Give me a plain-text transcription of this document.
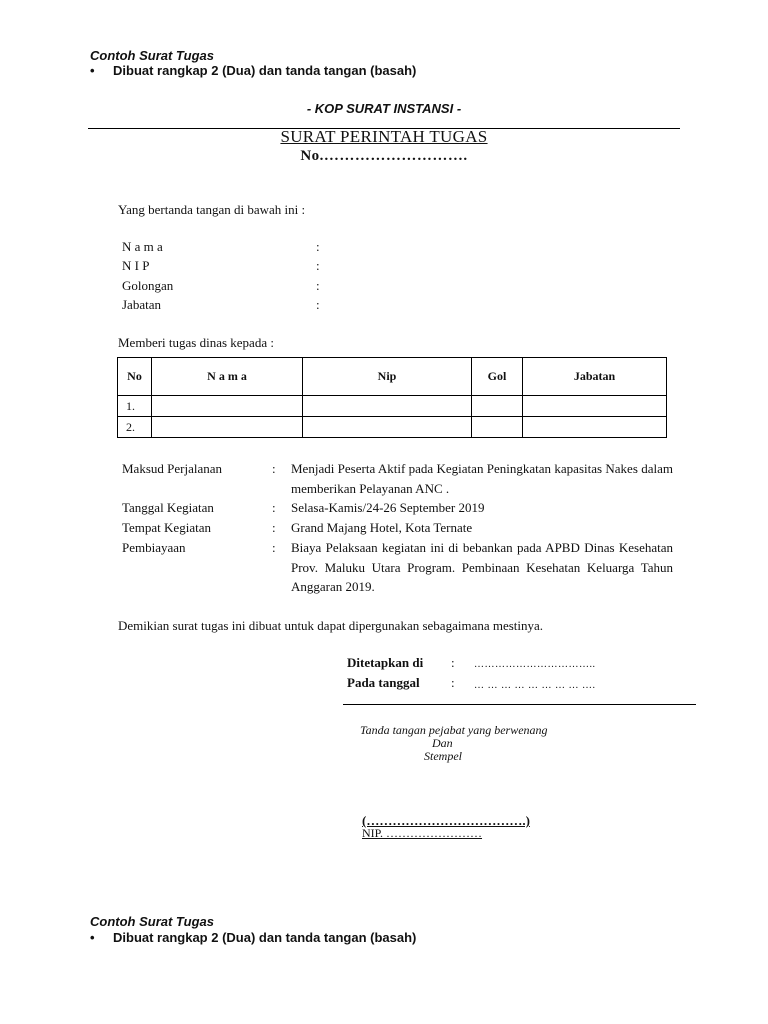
Contoh Surat Tugas
• Dibuat rangkap 2 (Dua) dan tanda tangan (basah)
- KOP SURAT INSTANSI -
SURAT PERINTAH TUGAS
No.……………………….
Yang bertanda tangan di bawah ini :
N a m a	:
N I P	:
Golongan	:
Jabatan	:
Memberi tugas dinas kepada :
No	N a m a	Nip	Gol	Jabatan
1.				
2.				
Maksud Perjalanan	: Menjadi Peserta Aktif pada Kegiatan Peningkatan kapasitas Nakes dalam memberikan Pelayanan ANC .
Tanggal Kegiatan	: Selasa-Kamis/24-26 September 2019
Tempat Kegiatan	: Grand Majang Hotel, Kota Ternate
Pembiayaan	: Biaya Pelaksaan kegiatan ini di bebankan pada APBD Dinas Kesehatan Prov. Maluku Utara Program. Pembinaan Kesehatan Keluarga Tahun Anggaran 2019.
Demikian surat tugas ini dibuat untuk dapat dipergunakan sebagaimana mestinya.
Ditetapkan di : ……………………………..
Pada tanggal : … … … … … … … … ….
Tanda tangan pejabat yang berwenang
Dan
Stempel
(……………………………….)
NIP. ……………………
Contoh Surat Tugas
• Dibuat rangkap 2 (Dua) dan tanda tangan (basah)
